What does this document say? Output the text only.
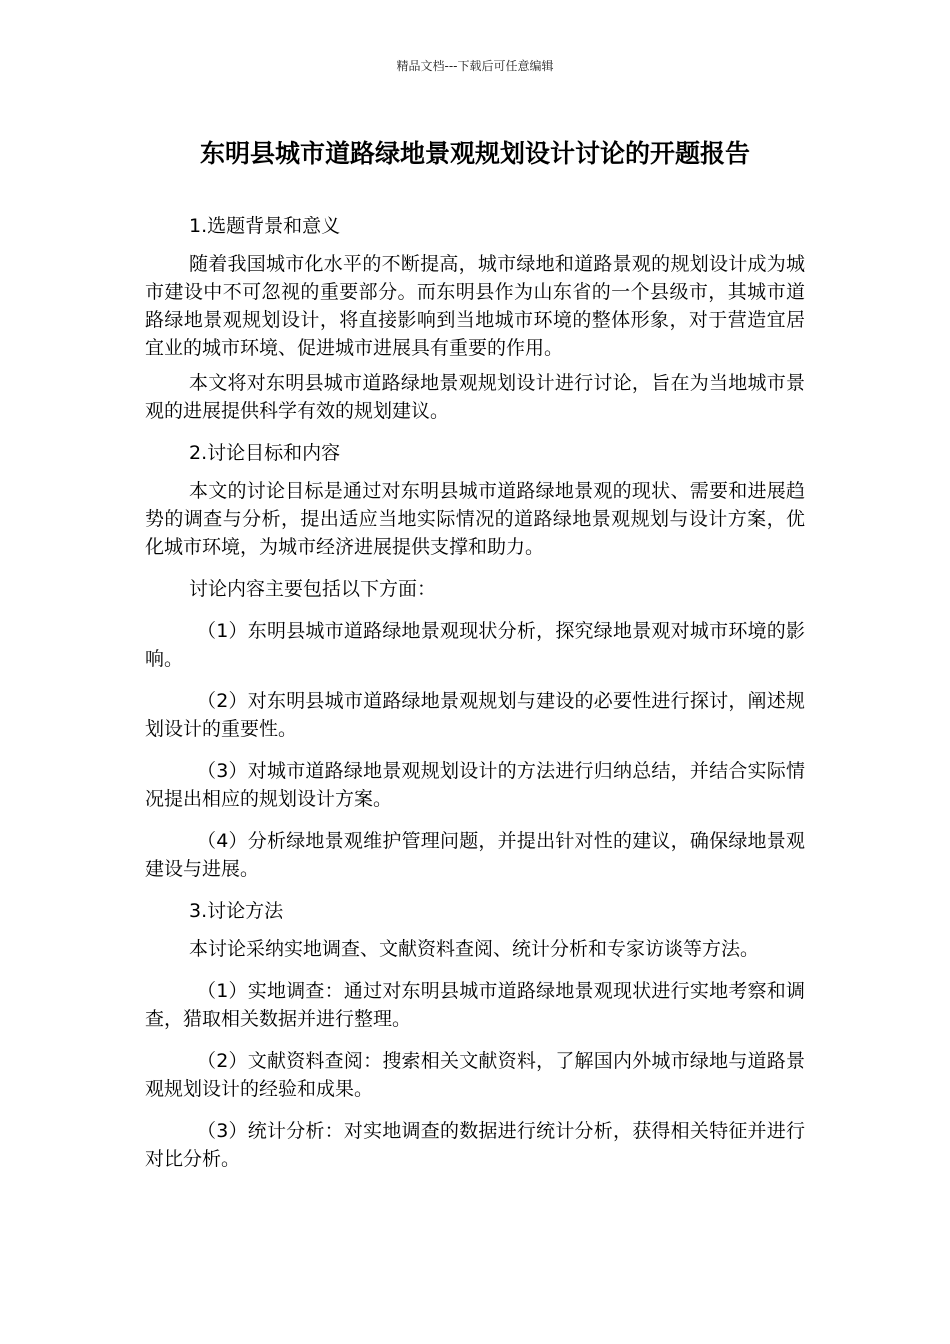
精品文档---下载后可任意编辑
东明县城市道路绿地景观规划设计讨论的开题报告
1.选题背景和意义

随着我国城市化水平的不断提高，城市绿地和道路景观的规划设计成为城市建设中不可忽视的重要部分。而东明县作为山东省的一个县级市，其城市道路绿地景观规划设计，将直接影响到当地城市环境的整体形象，对于营造宜居宜业的城市环境、促进城市进展具有重要的作用。

本文将对东明县城市道路绿地景观规划设计进行讨论，旨在为当地城市景观的进展提供科学有效的规划建议。

2.讨论目标和内容

本文的讨论目标是通过对东明县城市道路绿地景观的现状、需要和进展趋势的调查与分析，提出适应当地实际情况的道路绿地景观规划与设计方案，优化城市环境，为城市经济进展提供支撑和助力。

讨论内容主要包括以下方面：

（1）东明县城市道路绿地景观现状分析，探究绿地景观对城市环境的影响。

（2）对东明县城市道路绿地景观规划与建设的必要性进行探讨，阐述规划设计的重要性。

（3）对城市道路绿地景观规划设计的方法进行归纳总结，并结合实际情况提出相应的规划设计方案。

（4）分析绿地景观维护管理问题，并提出针对性的建议，确保绿地景观建设与进展。

3.讨论方法

本讨论采纳实地调查、文献资料查阅、统计分析和专家访谈等方法。

（1）实地调查：通过对东明县城市道路绿地景观现状进行实地考察和调查，猎取相关数据并进行整理。

（2）文献资料查阅：搜索相关文献资料，了解国内外城市绿地与道路景观规划设计的经验和成果。

（3）统计分析：对实地调查的数据进行统计分析，获得相关特征并进行对比分析。
